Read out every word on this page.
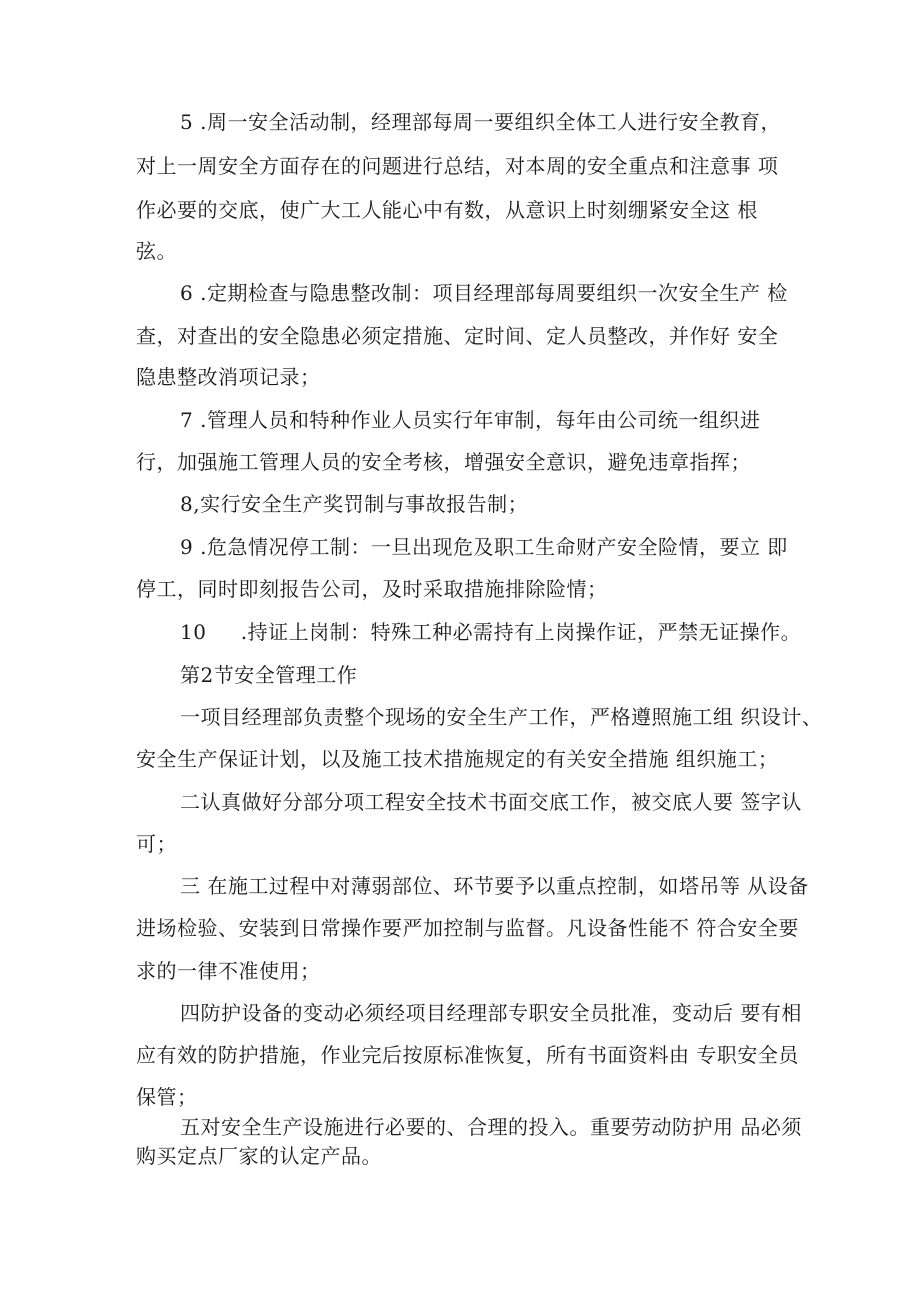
5 .周一安全活动制，经理部每周一要组织全体工人进行安全教育，
对上一周安全方面存在的问题进行总结，对本周的安全重点和注意事 项
作必要的交底，使广大工人能心中有数，从意识上时刻绷紧安全这 根
弦。
6 .定期检查与隐患整改制：项目经理部每周要组织一次安全生产 检
查，对查出的安全隐患必须定措施、定时间、定人员整改，并作好 安全
隐患整改消项记录；
7 .管理人员和特种作业人员实行年审制，每年由公司统一组织进
行，加强施工管理人员的安全考核，增强安全意识，避免违章指挥；
8,实行安全生产奖罚制与事故报告制；
9 .危急情况停工制：一旦出现危及职工生命财产安全险情，要立 即
停工，同时即刻报告公司，及时采取措施排除险情；
10     .持证上岗制：特殊工种必需持有上岗操作证，严禁无证操作。
第2节安全管理工作
一项目经理部负责整个现场的安全生产工作，严格遵照施工组 织设计、
安全生产保证计划，以及施工技术措施规定的有关安全措施 组织施工；
二认真做好分部分项工程安全技术书面交底工作，被交底人要 签字认
可；
三 在施工过程中对薄弱部位、环节要予以重点控制，如塔吊等 从设备
进场检验、安装到日常操作要严加控制与监督。凡设备性能不 符合安全要
求的一律不准使用；
四防护设备的变动必须经项目经理部专职安全员批准，变动后 要有相
应有效的防护措施，作业完后按原标准恢复，所有书面资料由 专职安全员
保管；
五对安全生产设施进行必要的、合理的投入。重要劳动防护用 品必须
购买定点厂家的认定产品。
